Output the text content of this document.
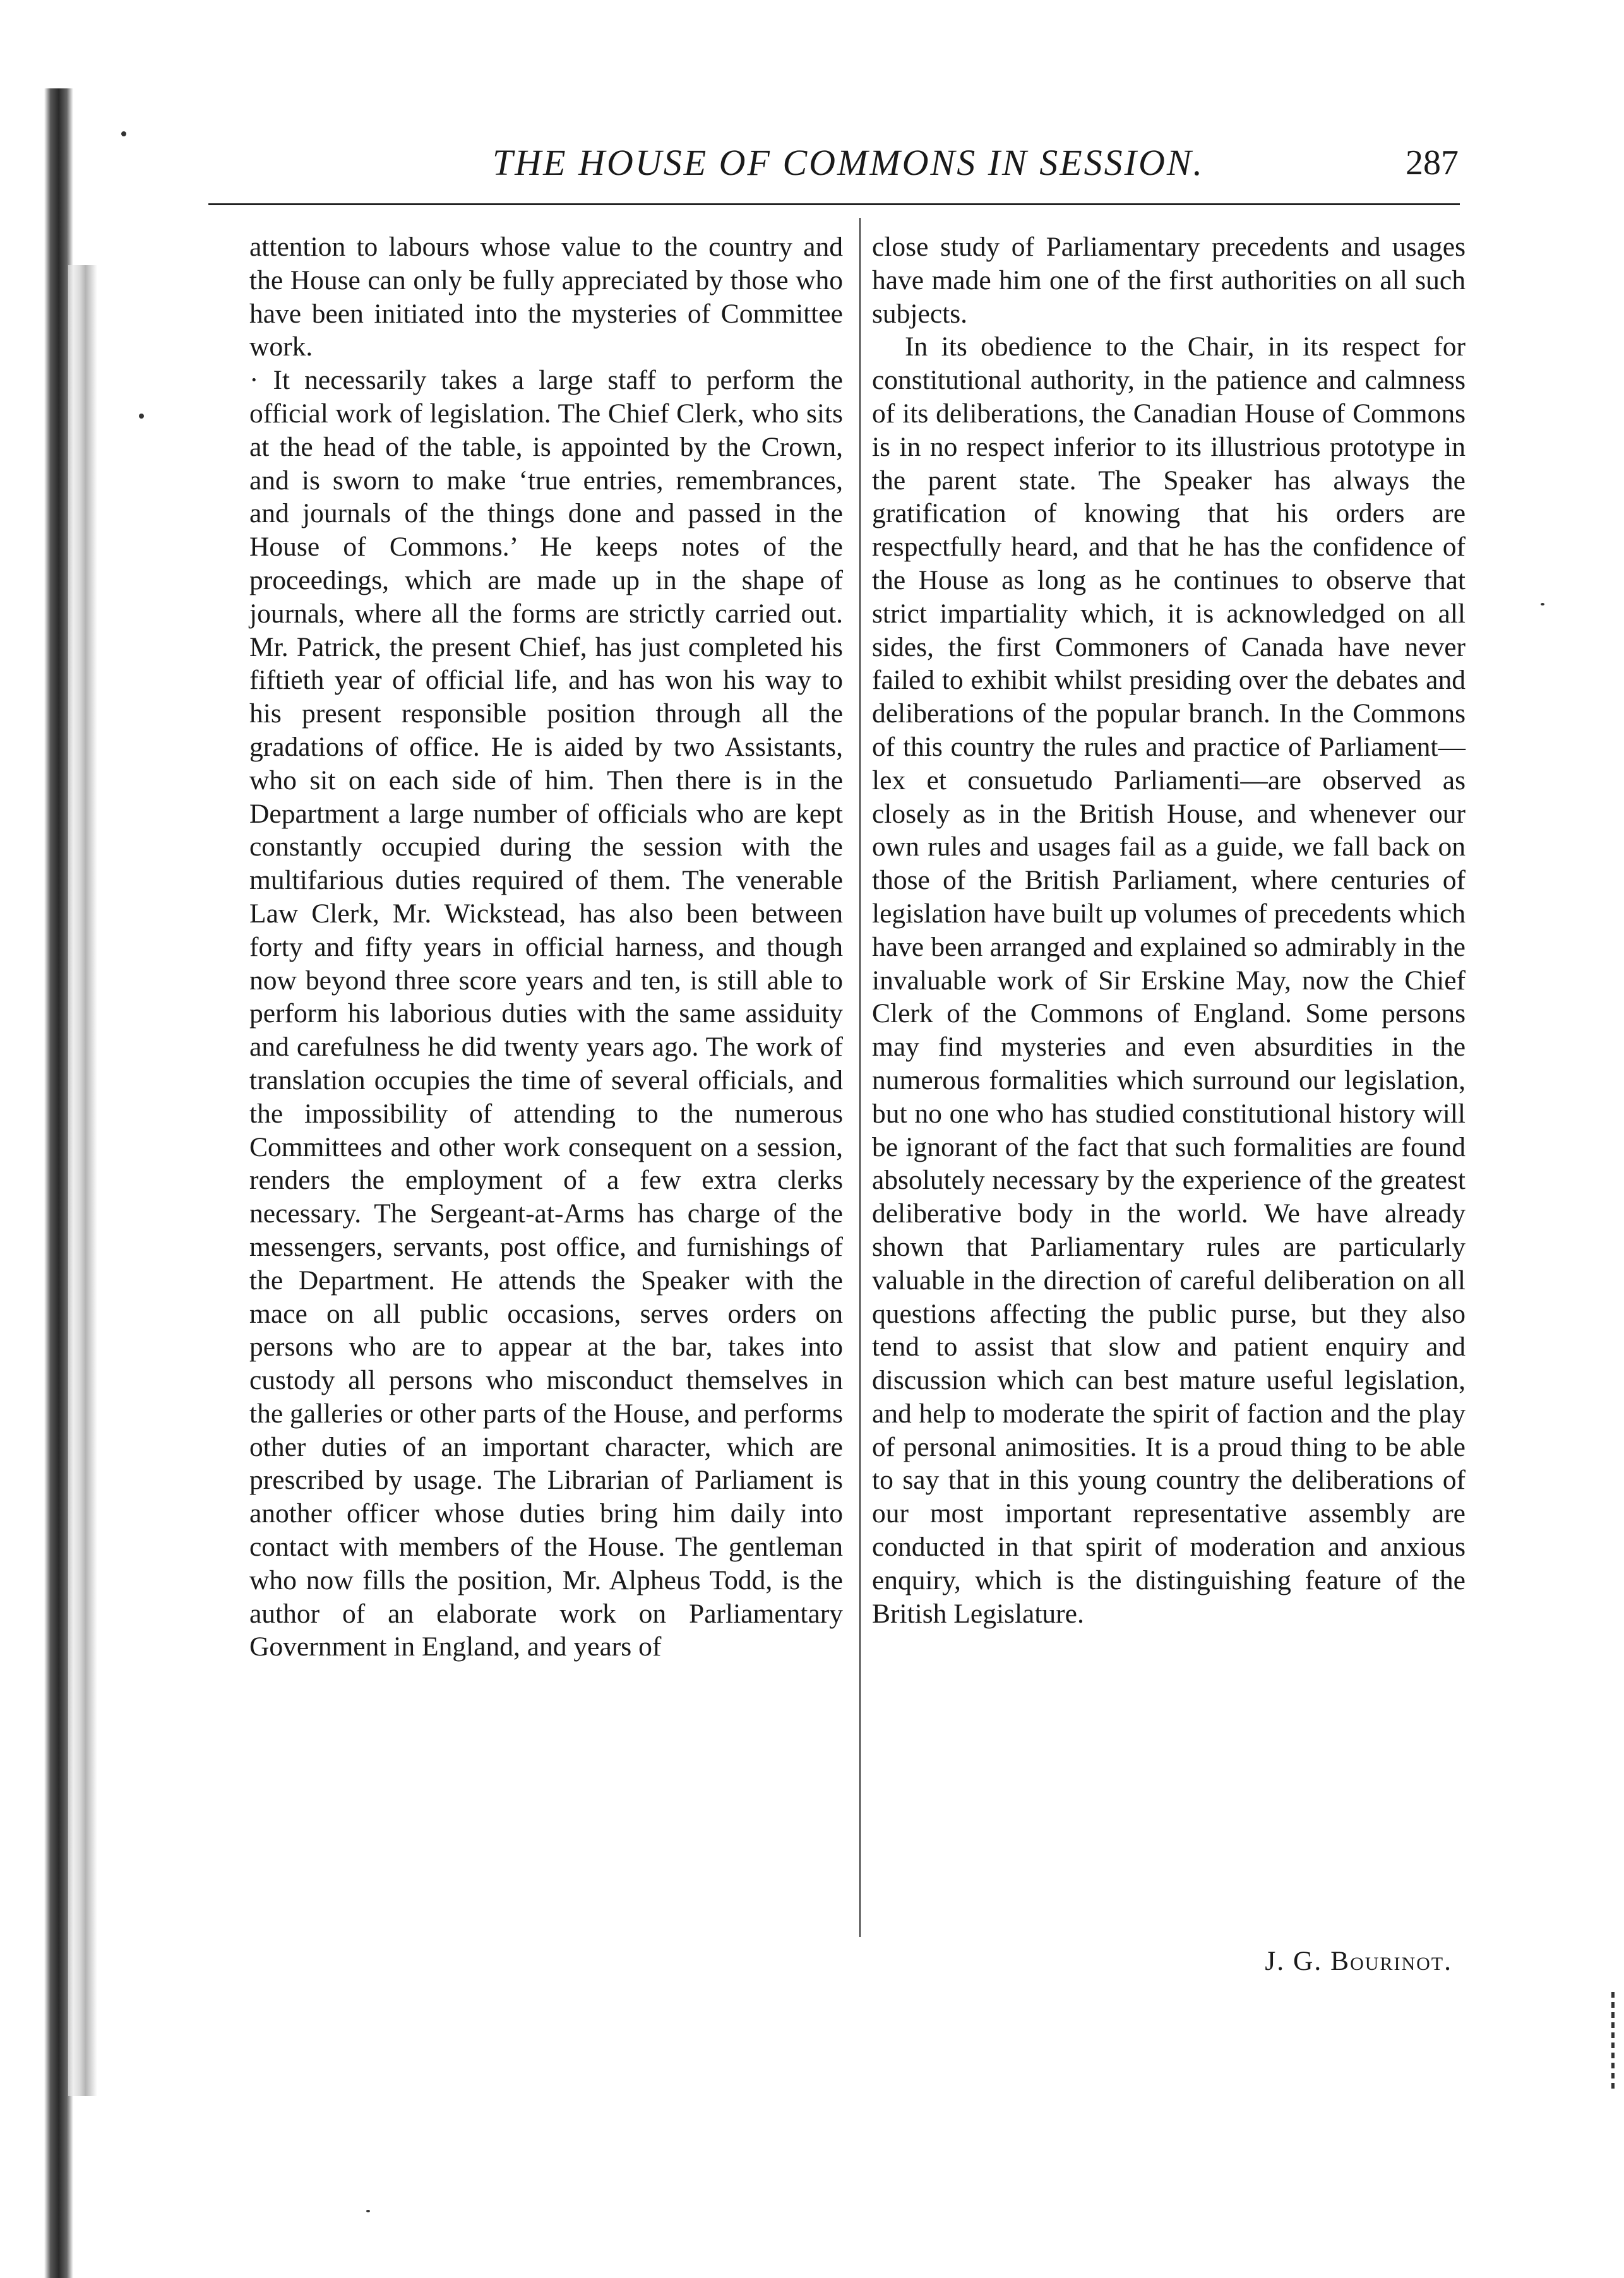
THE HOUSE OF COMMONS IN SESSION.	287

attention to labours whose value to the country and the House can only be fully appreciated by those who have been initiated into the mysteries of Committee work.

· It necessarily takes a large staff to perform the official work of legislation. The Chief Clerk, who sits at the head of the table, is appointed by the Crown, and is sworn to make ‘true entries, remembrances, and journals of the things done and passed in the House of Commons.’ He keeps notes of the proceedings, which are made up in the shape of journals, where all the forms are strictly carried out. Mr. Patrick, the present Chief, has just completed his fiftieth year of official life, and has won his way to his present responsible position through all the gradations of office. He is aided by two Assistants, who sit on each side of him. Then there is in the Department a large number of officials who are kept constantly occupied during the session with the multifarious duties required of them. The venerable Law Clerk, Mr. Wickstead, has also been between forty and fifty years in official harness, and though now beyond three score years and ten, is still able to perform his laborious duties with the same assiduity and carefulness he did twenty years ago. The work of translation occupies the time of several officials, and the impossibility of attending to the numerous Committees and other work consequent on a session, renders the employment of a few extra clerks necessary. The Sergeant-at-Arms has charge of the messengers, servants, post office, and furnishings of the Department. He attends the Speaker with the mace on all public occasions, serves orders on persons who are to appear at the bar, takes into custody all persons who misconduct themselves in the galleries or other parts of the House, and performs other duties of an important character, which are prescribed by usage. The Librarian of Parliament is another officer whose duties bring him daily into contact with members of the House. The gentleman who now fills the position, Mr. Alpheus Todd, is the author of an elaborate work on Parliamentary Government in England, and years of

close study of Parliamentary precedents and usages have made him one of the first authorities on all such subjects.

In its obedience to the Chair, in its respect for constitutional authority, in the patience and calmness of its deliberations, the Canadian House of Commons is in no respect inferior to its illustrious prototype in the parent state. The Speaker has always the gratification of knowing that his orders are respectfully heard, and that he has the confidence of the House as long as he continues to observe that strict impartiality which, it is acknowledged on all sides, the first Commoners of Canada have never failed to exhibit whilst presiding over the debates and deliberations of the popular branch. In the Commons of this country the rules and practice of Parliament—lex et consuetudo Parliamenti—are observed as closely as in the British House, and whenever our own rules and usages fail as a guide, we fall back on those of the British Parliament, where centuries of legislation have built up volumes of precedents which have been arranged and explained so admirably in the invaluable work of Sir Erskine May, now the Chief Clerk of the Commons of England. Some persons may find mysteries and even absurdities in the numerous formalities which surround our legislation, but no one who has studied constitutional history will be ignorant of the fact that such formalities are found absolutely necessary by the experience of the greatest deliberative body in the world. We have already shown that Parliamentary rules are particularly valuable in the direction of careful deliberation on all questions affecting the public purse, but they also tend to assist that slow and patient enquiry and discussion which can best mature useful legislation, and help to moderate the spirit of faction and the play of personal animosities. It is a proud thing to be able to say that in this young country the deliberations of our most important representative assembly are conducted in that spirit of moderation and anxious enquiry, which is the distinguishing feature of the British Legislature.

J. G. Bourinot.
